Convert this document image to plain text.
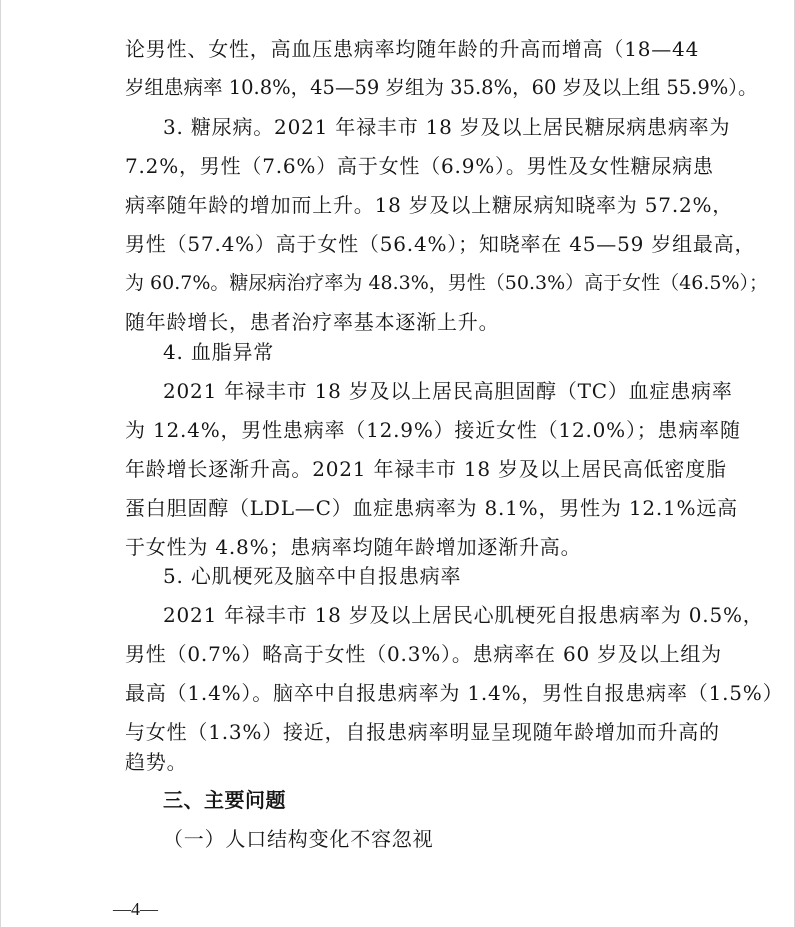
论男性、女性，高血压患病率均随年龄的升高而增高（18—44
岁组患病率 10.8%，45—59 岁组为 35.8%，60 岁及以上组 55.9%）。
3. 糖尿病。2021 年禄丰市 18 岁及以上居民糖尿病患病率为
7.2%，男性（7.6%）高于女性（6.9%）。男性及女性糖尿病患
病率随年龄的增加而上升。18 岁及以上糖尿病知晓率为 57.2%，
男性（57.4%）高于女性（56.4%）；知晓率在 45—59 岁组最高，
为 60.7%。糖尿病治疗率为 48.3%，男性（50.3%）高于女性（46.5%）；
随年龄增长，患者治疗率基本逐渐上升。
4. 血脂异常
2021 年禄丰市 18 岁及以上居民高胆固醇（TC）血症患病率
为 12.4%，男性患病率（12.9%）接近女性（12.0%）；患病率随
年龄增长逐渐升高。2021 年禄丰市 18 岁及以上居民高低密度脂
蛋白胆固醇（LDL—C）血症患病率为 8.1%，男性为 12.1%远高
于女性为 4.8%；患病率均随年龄增加逐渐升高。
5. 心肌梗死及脑卒中自报患病率
2021 年禄丰市 18 岁及以上居民心肌梗死自报患病率为 0.5%，
男性（0.7%）略高于女性（0.3%）。患病率在 60 岁及以上组为
最高（1.4%）。脑卒中自报患病率为 1.4%，男性自报患病率（1.5%）
与女性（1.3%）接近，自报患病率明显呈现随年龄增加而升高的
趋势。
三、主要问题
（一）人口结构变化不容忽视
—4—
